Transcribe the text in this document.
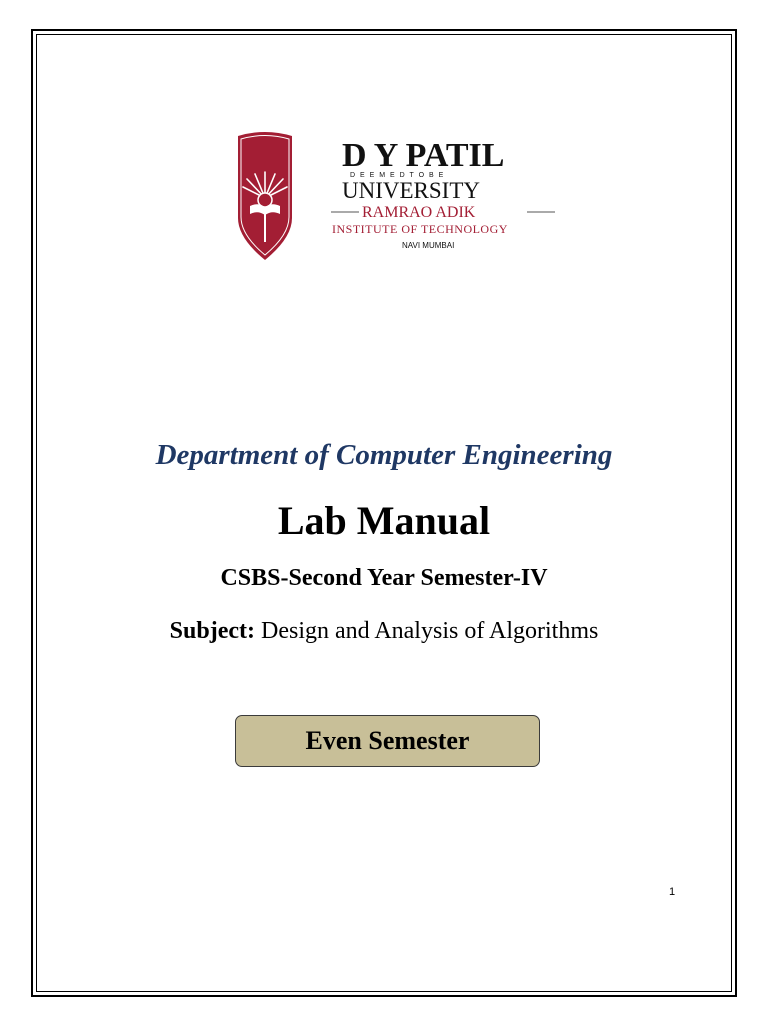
D Y PATIL
D E E M E D T O B E
UNIVERSITY
RAMRAO ADIK
INSTITUTE OF TECHNOLOGY
NAVI MUMBAI
Department of Computer Engineering
Lab Manual
CSBS-Second Year Semester-IV
Subject: Design and Analysis of Algorithms
Even Semester
1
